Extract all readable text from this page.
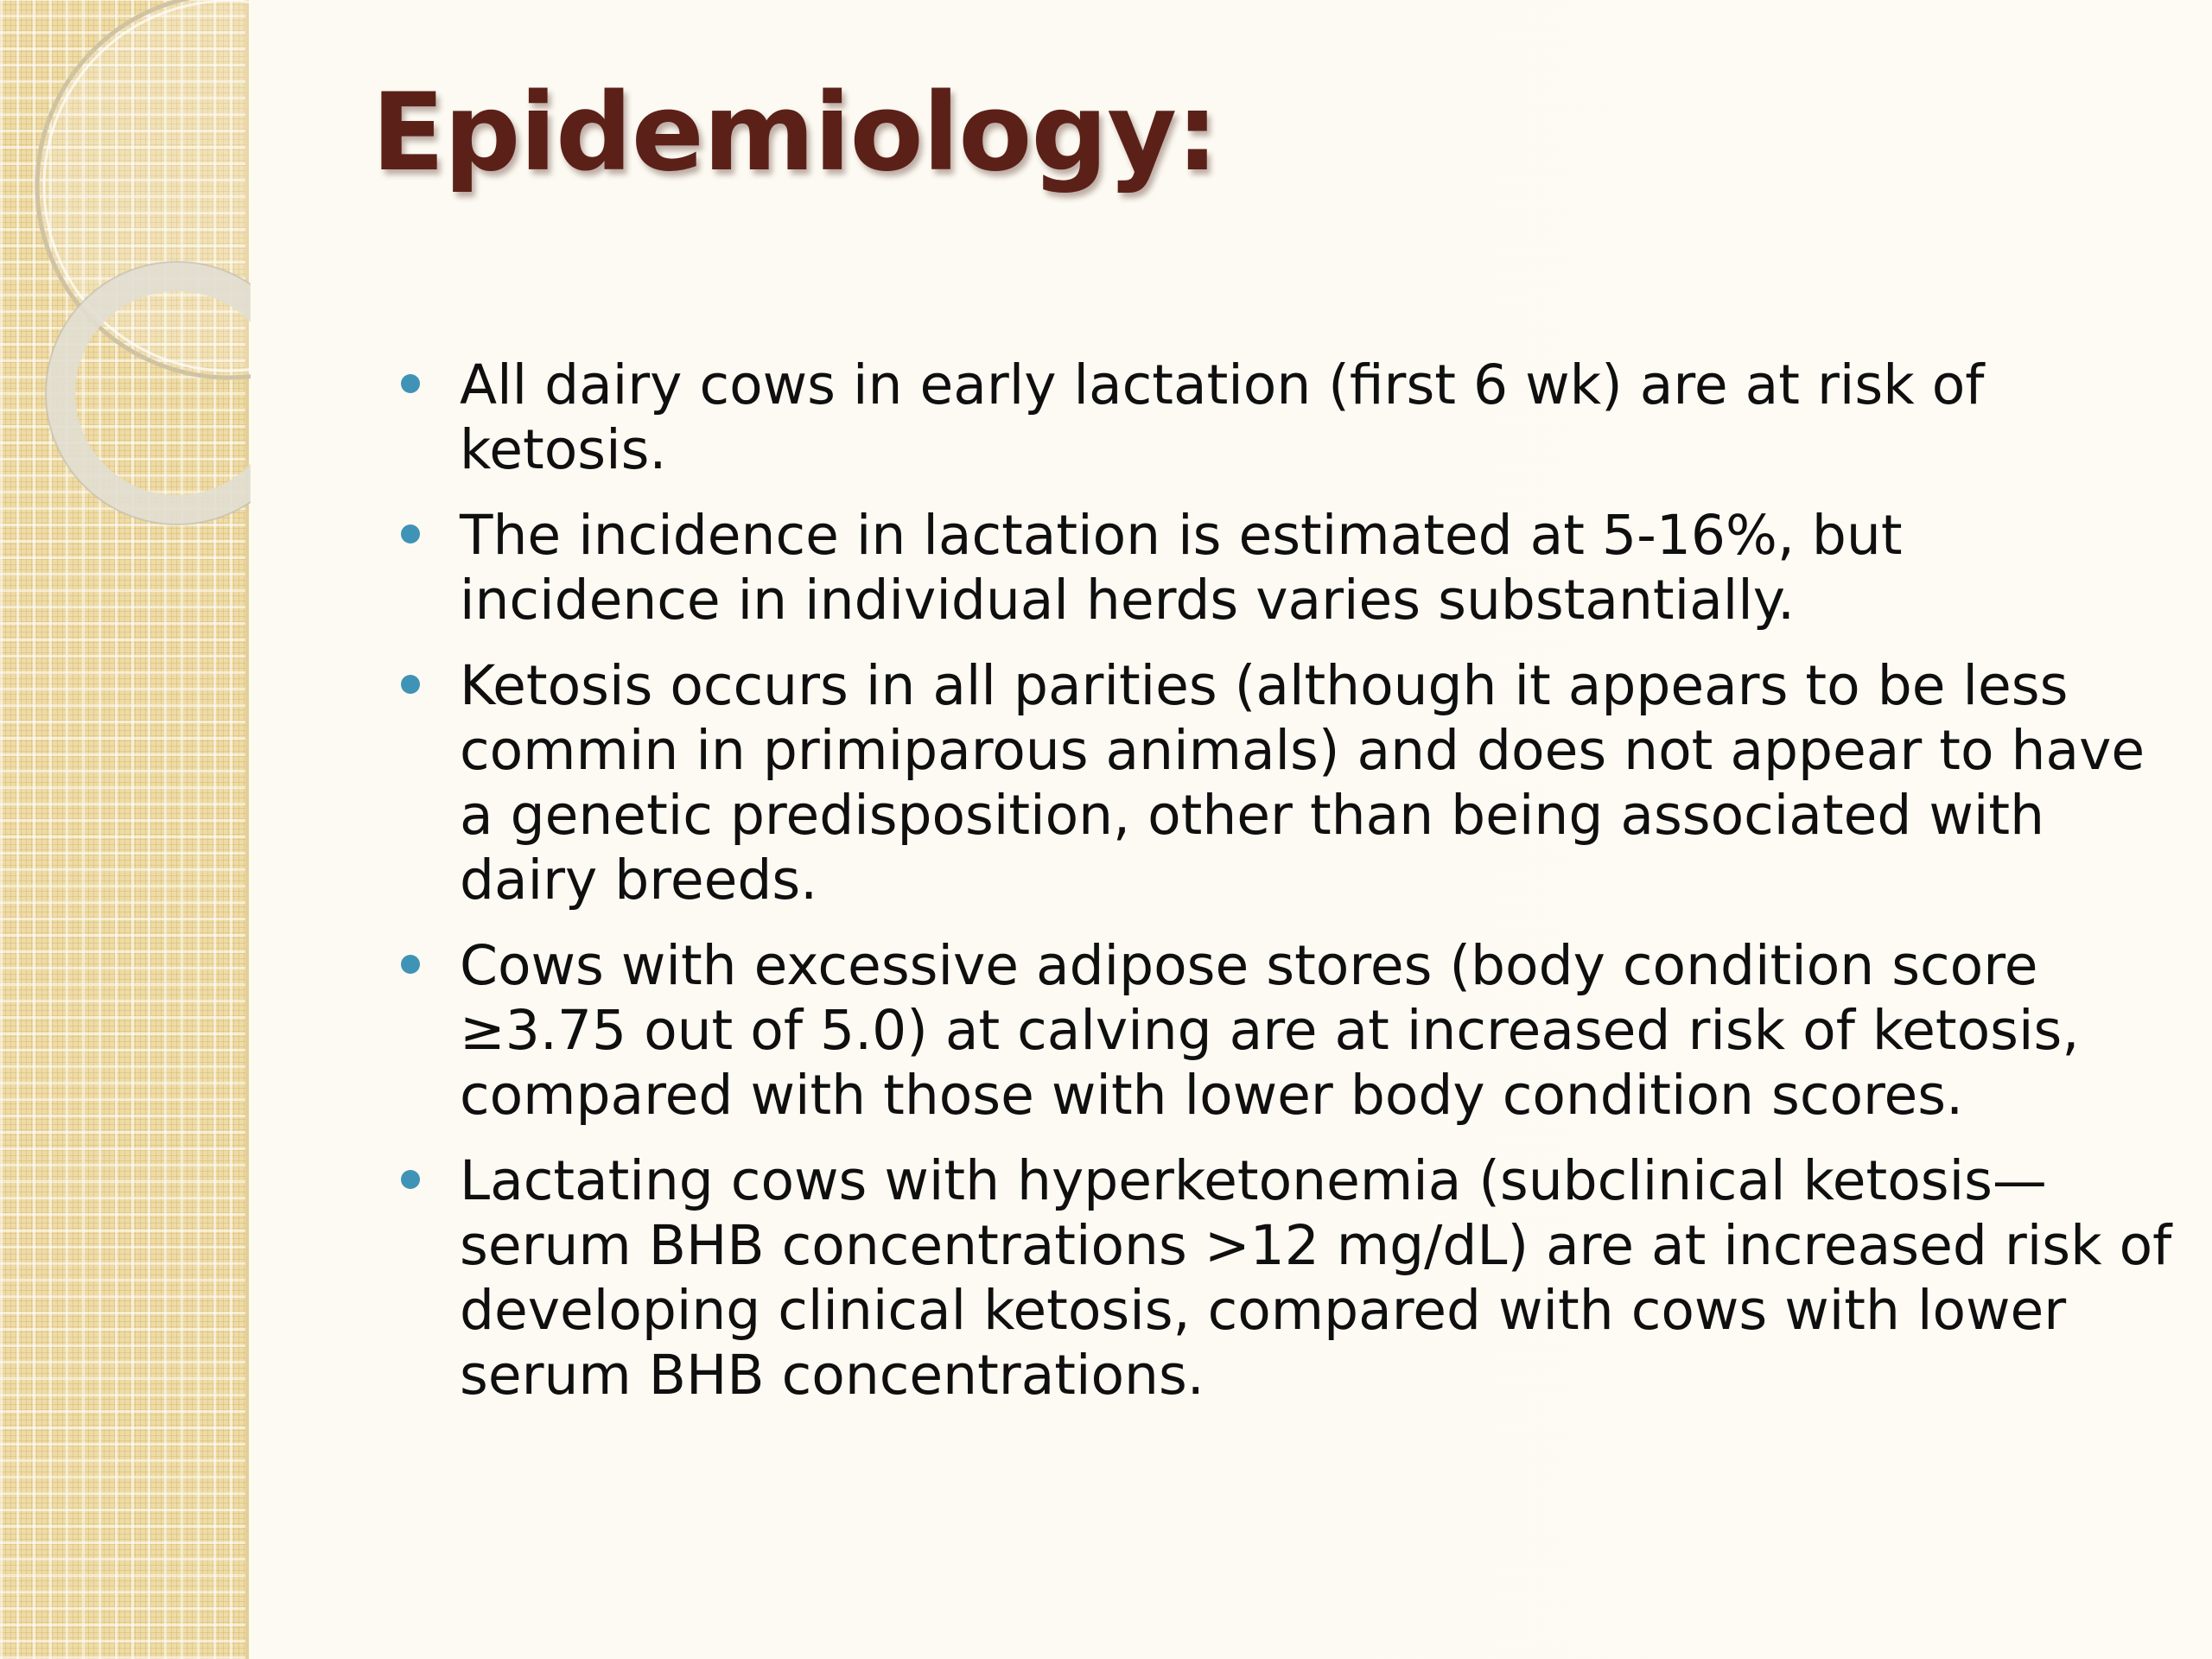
Epidemiology:
All dairy cows in early lactation (first 6 wk) are at risk of ketosis.
The incidence in lactation is estimated at 5-16%, but incidence in individual herds varies substantially.
Ketosis occurs in all parities (although it appears to be less commin in primiparous animals) and does not appear to have a genetic predisposition, other than being associated with dairy breeds.
Cows with excessive adipose stores (body condition score ≥3.75 out of 5.0) at calving are at increased risk of ketosis, compared with those with lower body condition scores.
Lactating cows with hyperketonemia (subclinical ketosis—serum BHB concentrations >12 mg/dL) are at increased risk of developing clinical ketosis, compared with cows with lower serum BHB concentrations.
